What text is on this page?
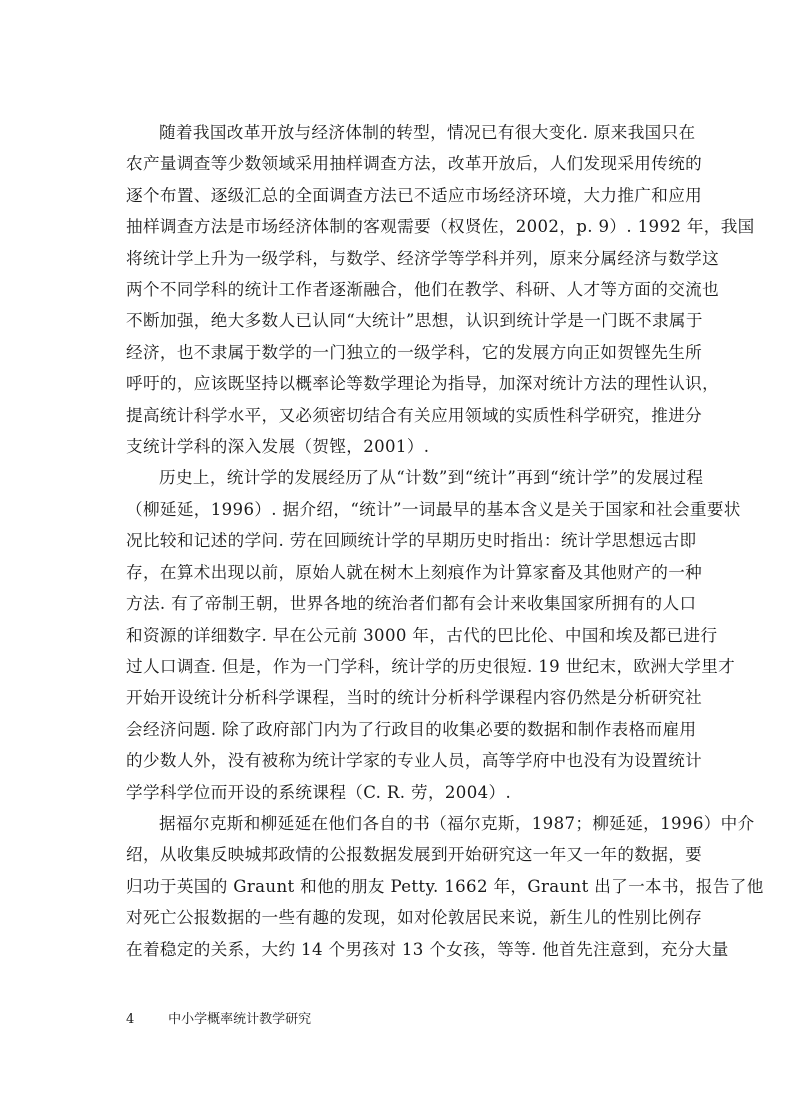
随着我国改革开放与经济体制的转型，情况已有很大变化. 原来我国只在
农产量调查等少数领域采用抽样调查方法，改革开放后，人们发现采用传统的
逐个布置、逐级汇总的全面调查方法已不适应市场经济环境，大力推广和应用
抽样调查方法是市场经济体制的客观需要（权贤佐，2002，p. 9）. 1992 年，我国
将统计学上升为一级学科，与数学、经济学等学科并列，原来分属经济与数学这
两个不同学科的统计工作者逐渐融合，他们在教学、科研、人才等方面的交流也
不断加强，绝大多数人已认同“大统计”思想，认识到统计学是一门既不隶属于
经济，也不隶属于数学的一门独立的一级学科，它的发展方向正如贺铿先生所
呼吁的，应该既坚持以概率论等数学理论为指导，加深对统计方法的理性认识，
提高统计科学水平，又必须密切结合有关应用领域的实质性科学研究，推进分
支统计学科的深入发展（贺铿，2001）.

历史上，统计学的发展经历了从“计数”到“统计”再到“统计学”的发展过程
（柳延延，1996）. 据介绍，“统计”一词最早的基本含义是关于国家和社会重要状
况比较和记述的学问. 劳在回顾统计学的早期历史时指出：统计学思想远古即
存，在算术出现以前，原始人就在树木上刻痕作为计算家畜及其他财产的一种
方法. 有了帝制王朝，世界各地的统治者们都有会计来收集国家所拥有的人口
和资源的详细数字. 早在公元前 3000 年，古代的巴比伦、中国和埃及都已进行
过人口调查. 但是，作为一门学科，统计学的历史很短. 19 世纪末，欧洲大学里才
开始开设统计分析科学课程，当时的统计分析科学课程内容仍然是分析研究社
会经济问题. 除了政府部门内为了行政目的收集必要的数据和制作表格而雇用
的少数人外，没有被称为统计学家的专业人员，高等学府中也没有为设置统计
学学科学位而开设的系统课程（C. R. 劳，2004）.

据福尔克斯和柳延延在他们各自的书（福尔克斯，1987；柳延延，1996）中介
绍，从收集反映城邦政情的公报数据发展到开始研究这一年又一年的数据，要
归功于英国的 Graunt 和他的朋友 Petty. 1662 年，Graunt 出了一本书，报告了他
对死亡公报数据的一些有趣的发现，如对伦敦居民来说，新生儿的性别比例存
在着稳定的关系，大约 14 个男孩对 13 个女孩，等等. 他首先注意到，充分大量

4	中小学概率统计教学研究
